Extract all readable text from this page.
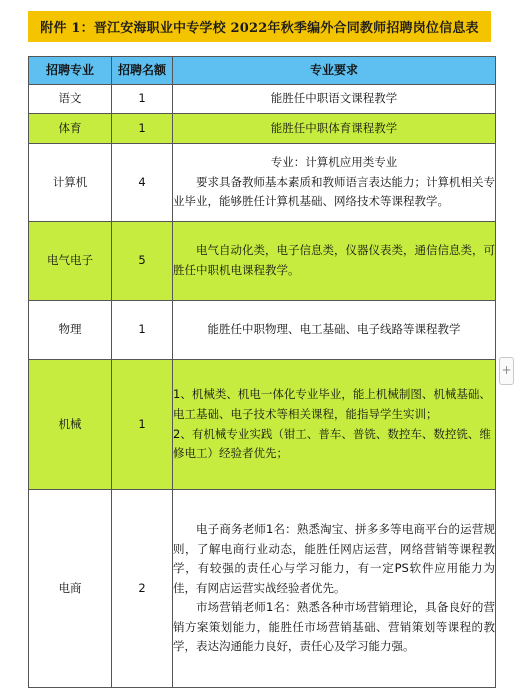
附件 1：晋江安海职业中专学校 2022年秋季编外合同教师招聘岗位信息表
招聘专业	招聘名额	专业要求
语文	1	能胜任中职语文课程教学

体育	1	能胜任中职体育课程教学

计算机	4	专业：计算机应用类专业
要求具备教师基本素质和教师语言表达能力；计算机相关专业毕业，能够胜任计算机基础、网络技术等课程教学。

电气电子	5	电气自动化类，电子信息类，仪器仪表类，通信信息类，可胜任中职机电课程教学。

物理	1	能胜任中职物理、电工基础、电子线路等课程教学

机械	1	1、机械类、机电一体化专业毕业，能上机械制图、机械基础、电工基础、电子技术等相关课程，能指导学生实训；
2、有机械专业实践（钳工、普车、普铣、数控车、数控铣、维修电工）经验者优先；

电商	2	电子商务老师1名：熟悉淘宝、拼多多等电商平台的运营规则，了解电商行业动态，能胜任网店运营，网络营销等课程教学，有较强的责任心与学习能力，有一定PS软件应用能力为佳，有网店运营实战经验者优先。
市场营销老师1名：熟悉各种市场营销理论，具备良好的营销方案策划能力，能胜任市场营销基础、营销策划等课程的教学，表达沟通能力良好，责任心及学习能力强。
+
